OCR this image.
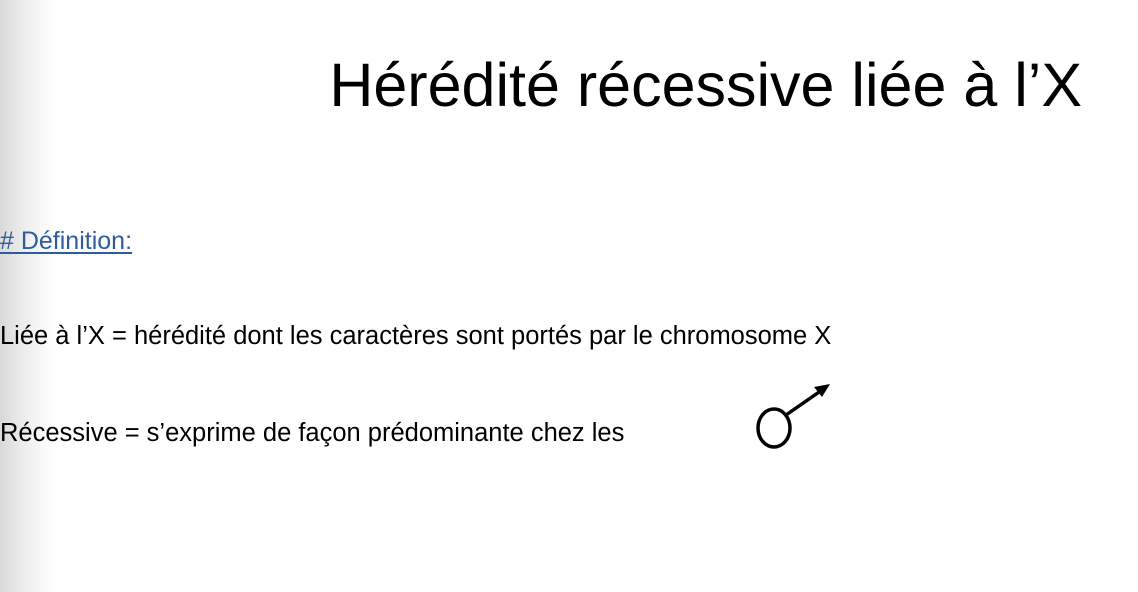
Hérédité récessive liée à l’X
# Définition:
Liée à l’X = hérédité dont les caractères sont portés par le chromosome X
Récessive = s’exprime de façon prédominante chez les
